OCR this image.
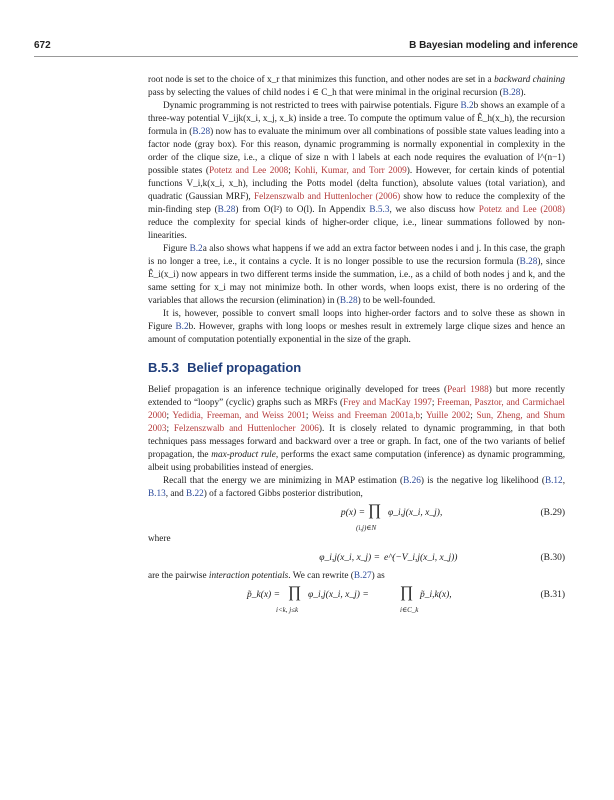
672	B Bayesian modeling and inference

root node is set to the choice of x_r that minimizes this function, and other nodes are set in a backward chaining pass by selecting the values of child nodes i ∈ C_h that were minimal in the original recursion (B.28).

Dynamic programming is not restricted to trees with pairwise potentials. Figure B.2b shows an example of a three-way potential V_ijk(x_i, x_j, x_k) inside a tree. To compute the optimum value of Ê_h(x_h), the recursion formula in (B.28) now has to evaluate the minimum over all combinations of possible state values leading into a factor node (gray box). For this reason, dynamic programming is normally exponential in complexity in the order of the clique size, i.e., a clique of size n with l labels at each node requires the evaluation of l^(n−1) possible states (Potetz and Lee 2008; Kohli, Kumar, and Torr 2009). However, for certain kinds of potential functions V_i,k(x_i, x_h), including the Potts model (delta function), absolute values (total variation), and quadratic (Gaussian MRF), Felzenszwalb and Huttenlocher (2006) show how to reduce the complexity of the min-finding step (B.28) from O(l²) to O(l). In Appendix B.5.3, we also discuss how Potetz and Lee (2008) reduce the complexity for special kinds of higher-order clique, i.e., linear summations followed by non-linearities.

Figure B.2a also shows what happens if we add an extra factor between nodes i and j. In this case, the graph is no longer a tree, i.e., it contains a cycle. It is no longer possible to use the recursion formula (B.28), since Ê_i(x_i) now appears in two different terms inside the summation, i.e., as a child of both nodes j and k, and the same setting for x_i may not minimize both. In other words, when loops exist, there is no ordering of the variables that allows the recursion (elimination) in (B.28) to be well-founded.

It is, however, possible to convert small loops into higher-order factors and to solve these as shown in Figure B.2b. However, graphs with long loops or meshes result in extremely large clique sizes and hence an amount of computation potentially exponential in the size of the graph.

B.5.3 Belief propagation

Belief propagation is an inference technique originally developed for trees (Pearl 1988) but more recently extended to “loopy” (cyclic) graphs such as MRFs (Frey and MacKay 1997; Freeman, Pasztor, and Carmichael 2000; Yedidia, Freeman, and Weiss 2001; Weiss and Freeman 2001a,b; Yuille 2002; Sun, Zheng, and Shum 2003; Felzenszwalb and Huttenlocher 2006). It is closely related to dynamic programming, in that both techniques pass messages forward and backward over a tree or graph. In fact, one of the two variants of belief propagation, the max-product rule, performs the exact same computation (inference) as dynamic programming, albeit using probabilities instead of energies.

Recall that the energy we are minimizing in MAP estimation (B.26) is the negative log likelihood (B.12, B.13, and B.22) of a factored Gibbs posterior distribution,

p(x) = ∏ φ_i,j(x_i, x_j),
(i,j)∈N
(B.29)
where
φ_i,j(x_i, x_j) = e^(−V_i,j(x_i, x_j))	(B.30)

are the pairwise interaction potentials. We can rewrite (B.27) as

p̃_k(x) = ∏ φ_i,j(x_i, x_j) = ∏ p̃_i,k(x),
i<k, j≤k	i∈C_k
(B.31)
